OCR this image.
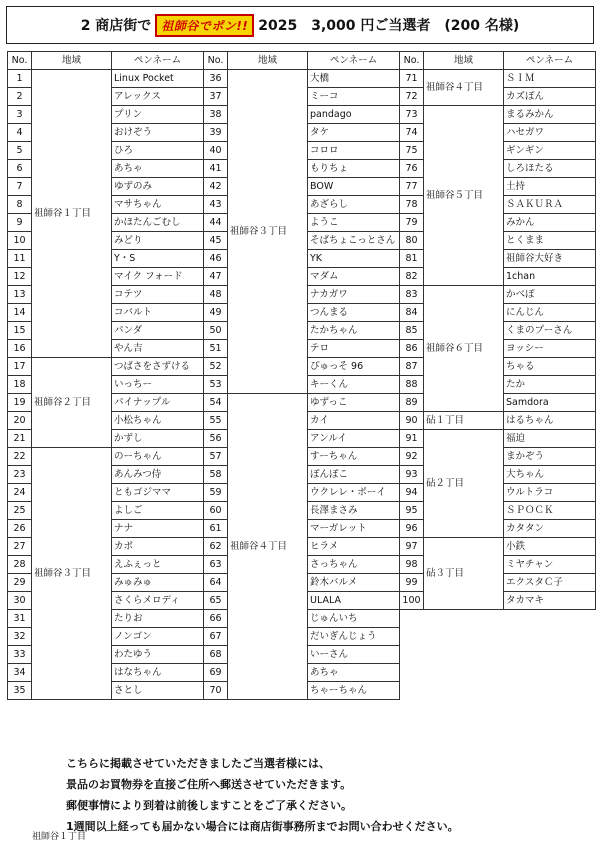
2 商店街で 祖師谷でポン!! 2025　3,000 円ご当選者　(200 名様)
No.	地域	ペンネーム
1	祖師谷１丁目	Linux Pocket
2		アレックス
3		プリン
4		おけぞう
5		ひろ
6		あちゃ
7		ゆずのみ
8		マサちゃん
9		かほたんごむし
10		みどり
11		Y・S
12		マイク フォード
13		コテツ
14		コバルト
15		パンダ
16		やん吉
17	祖師谷２丁目	つばさをさずける
18		いっちー
19		パイナップル
20		小松ちゃん
21		かずし
22	祖師谷３丁目	のーちゃん
23		あんみつ侍
24		ともゴジママ
25		よしご
26		ナナ
27		カボ
28		えふぇっと
29		みゅみゅ
30		さくらメロディ
31		たりお
32		ノンゴン
33		わたゆう
34		はなちゃん
35		さとし
No.	地域	ペンネーム
36	祖師谷３丁目	大橋
37		ミーコ
38		pandago
39		タケ
40		コロロ
41		もりちょ
42		BOW
43		あざらし
44		ようこ
45		そばちょこっとさん
46		YK
47		マダム
48		ナカガワ
49		つんまる
50		たかちゃん
51		テロ
52		ぴゅっそ 96
53		キーくん
54	祖師谷４丁目	ゆずっこ
55		カイ
56		アンルイ
57		すーちゃん
58		ぽんぽこ
59		ウクレレ・ボーイ
60		長澤まさみ
61		マーガレット
62		ヒラメ
63		さっちゃん
64		鈴木バルメ
65		ULALA
66		じゅんいち
67		だいぎんじょう
68		いーさん
69		あちゃ
70		ちゃーちゃん
No.	地域	ペンネーム
71	祖師谷４丁目	ＳＩＭ
72		カズぽん
73	祖師谷５丁目	まるみかん
74		ハセガワ
75		ギンギン
76		しろほたる
77		土持
78		ＳＡＫＵＲＡ
79		みかん
80		とくまま
81		祖師谷大好き
82		1chan
83	祖師谷６丁目	かべぽ
84		にんじん
85		くまのプーさん
86		ヨッシー
87		ちゃる
88		たか
89		Samdora
90	砧１丁目	はるちゃん
91	砧２丁目	福迫
92		まかぞう
93		大ちゃん
94		ウルトラコ
95		ＳＰＯＣＫ
96		カタタン
97	砧３丁目	小鉄
98		ミヤチャン
99		エクスタＣ子
100		タカマキ
こちらに掲載させていただきましたご当選者様には、
景品のお買物券を直接ご住所へ郵送させていただきます。
郵便事情により到着は前後しますことをご了承ください。
1週間以上経っても届かない場合には商店街事務所までお問い合わせください。
祖師谷１丁目
